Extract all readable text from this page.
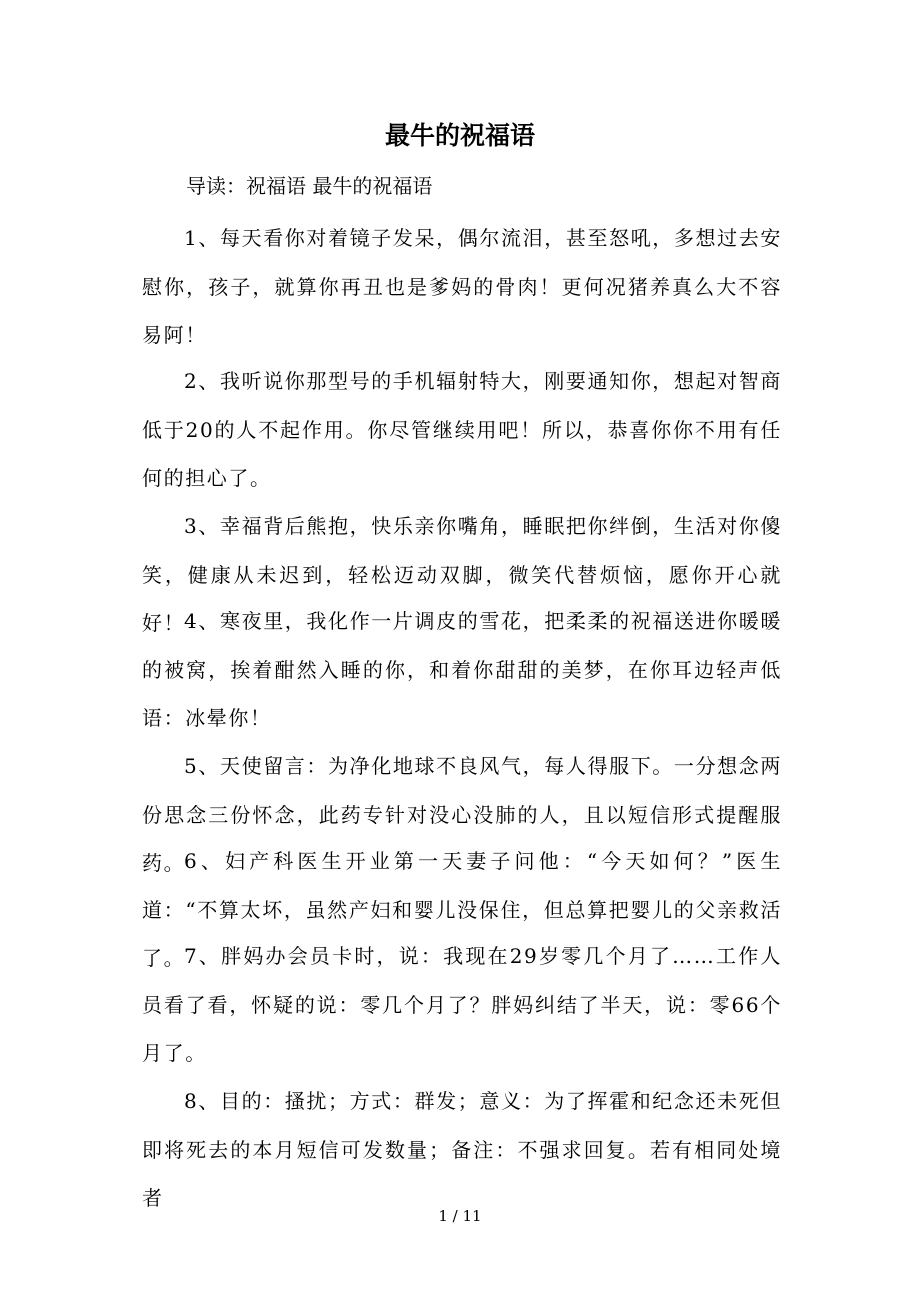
最牛的祝福语

导读：祝福语 最牛的祝福语

1、每天看你对着镜子发呆，偶尔流泪，甚至怒吼，多想过去安慰你，孩子，就算你再丑也是爹妈的骨肉！更何况猪养真么大不容易阿！

2、我听说你那型号的手机辐射特大，刚要通知你，想起对智商低于20的人不起作用。你尽管继续用吧！所以，恭喜你你不用有任何的担心了。

3、幸福背后熊抱，快乐亲你嘴角，睡眠把你绊倒，生活对你傻笑，健康从未迟到，轻松迈动双脚，微笑代替烦恼，愿你开心就好！

4、寒夜里，我化作一片调皮的雪花，把柔柔的祝福送进你暖暖的被窝，挨着酣然入睡的你，和着你甜甜的美梦，在你耳边轻声低语：冰晕你！

5、天使留言：为净化地球不良风气，每人得服下。一分想念两份思念三份怀念，此药专针对没心没肺的人，且以短信形式提醒服药。

6、妇产科医生开业第一天妻子问他：“今天如何？”医生道：“不算太坏，虽然产妇和婴儿没保住，但总算把婴儿的父亲救活了。

7、胖妈办会员卡时，说：我现在29岁零几个月了……工作人员看了看，怀疑的说：零几个月了？胖妈纠结了半天，说：零66个月了。

8、目的：搔扰；方式：群发；意义：为了挥霍和纪念还未死但即将死去的本月短信可发数量；备注：不强求回复。若有相同处境者

1 / 11
